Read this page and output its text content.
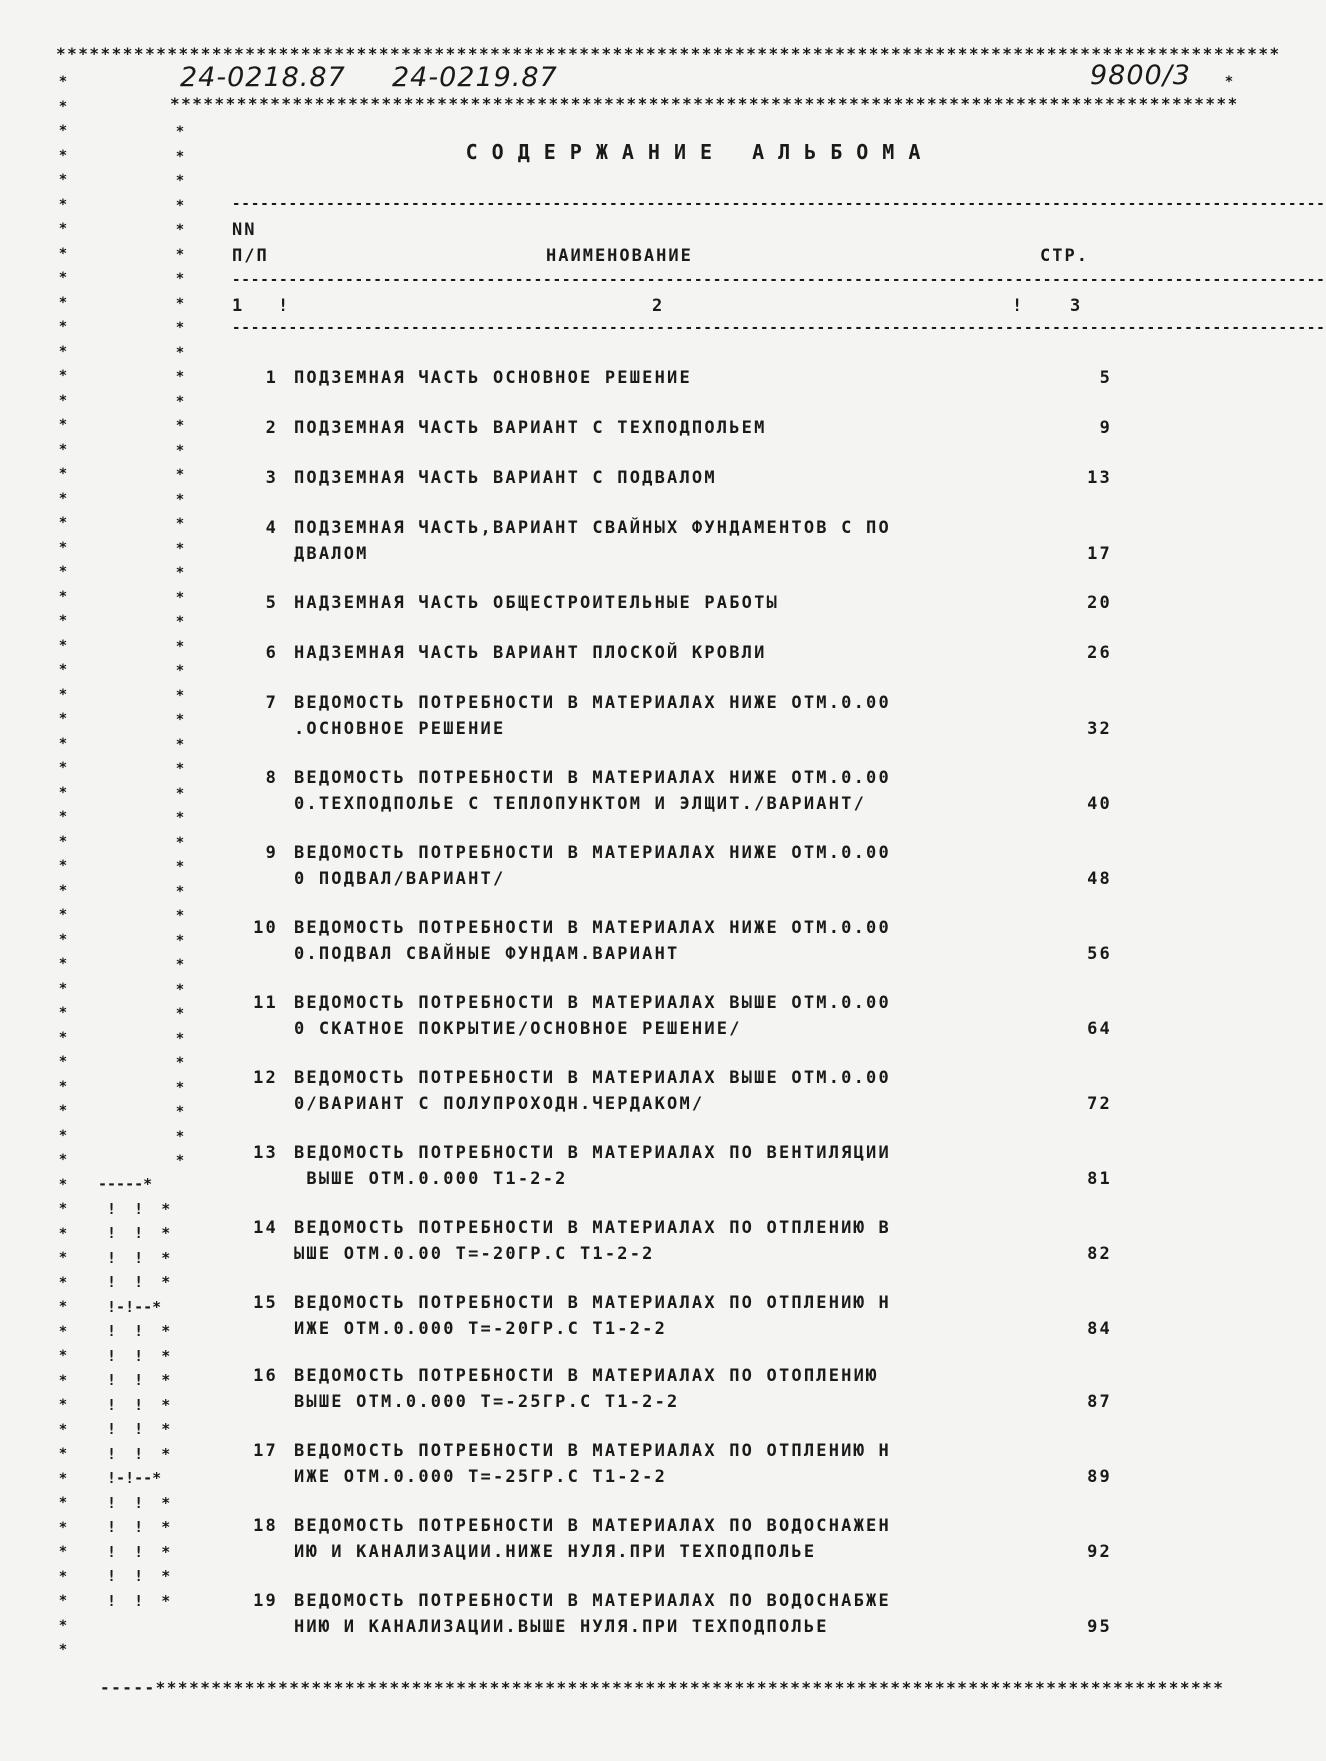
**************************************************************************************************************
************************************************************************************************
-----************************************************************************************************
*
*
*
*
*
*
*
*
*
*
*
*
*
*
*
*
*
*
*
*
*
*
*
*
*
*
*
*
*
*
*
*
*
*
*
*
*
*
*
*
*
*
*
*
*
*
*
*
*
*
*
*
*
*
*
*
*
*
*
*
*
*
*
*
*
*
*
*
*
*
*
*
*
*
*
*
*
*
*
*
*
*
*
*
*
*
*
*
*
*
*
*
*
*
*
*
*
*
*
*
*
*
*
*
*
*
*
*
*
-----*
!  !  *
!  !  *
!  !  *
!  !  *
!-!--*
!  !  *
!  !  *
!  !  *
!  !  *
!  !  *
!  !  *
!-!--*
!  !  *
!  !  *
!  !  *
!  !  *
!  !  *
24-0218.87 24-0219.87	9800/3
СОДЕРЖАНИЕ АЛЬБОМА
--------------------------------------------------------------------------------------------------------------------
NN
П/П	НАИМЕНОВАНИЕ	СТР.
--------------------------------------------------------------------------------------------------------------------
1 !	2	!	3
--------------------------------------------------------------------------------------------------------------------
1 ПОДЗЕМНАЯ ЧАСТЬ ОСНОВНОЕ РЕШЕНИЕ	5
2 ПОДЗЕМНАЯ ЧАСТЬ ВАРИАНТ С ТЕХПОДПОЛЬЕМ	9
3 ПОДЗЕМНАЯ ЧАСТЬ ВАРИАНТ С ПОДВАЛОМ	13
4 ПОДЗЕМНАЯ ЧАСТЬ,ВАРИАНТ СВАЙНЫХ ФУНДАМЕНТОВ С ПО
ДВАЛОМ	17
5 НАДЗЕМНАЯ ЧАСТЬ ОБЩЕСТРОИТЕЛЬНЫЕ РАБОТЫ	20
6 НАДЗЕМНАЯ ЧАСТЬ ВАРИАНТ ПЛОСКОЙ КРОВЛИ	26
7 ВЕДОМОСТЬ ПОТРЕБНОСТИ В МАТЕРИАЛАХ НИЖЕ ОТМ.0.00
.ОСНОВНОЕ РЕШЕНИЕ	32
8 ВЕДОМОСТЬ ПОТРЕБНОСТИ В МАТЕРИАЛАХ НИЖЕ ОТМ.0.00
0.ТЕХПОДПОЛЬЕ С ТЕПЛОПУНКТОМ И ЭЛЩИТ./ВАРИАНТ/	40
9 ВЕДОМОСТЬ ПОТРЕБНОСТИ В МАТЕРИАЛАХ НИЖЕ ОТМ.0.00
0 ПОДВАЛ/ВАРИАНТ/	48
10 ВЕДОМОСТЬ ПОТРЕБНОСТИ В МАТЕРИАЛАХ НИЖЕ ОТМ.0.00
0.ПОДВАЛ СВАЙНЫЕ ФУНДАМ.ВАРИАНТ	56
11 ВЕДОМОСТЬ ПОТРЕБНОСТИ В МАТЕРИАЛАХ ВЫШЕ ОТМ.0.00
0 СКАТНОЕ ПОКРЫТИЕ/ОСНОВНОЕ РЕШЕНИЕ/	64
12 ВЕДОМОСТЬ ПОТРЕБНОСТИ В МАТЕРИАЛАХ ВЫШЕ ОТМ.0.00
0/ВАРИАНТ С ПОЛУПРОХОДН.ЧЕРДАКОМ/	72
13 ВЕДОМОСТЬ ПОТРЕБНОСТИ В МАТЕРИАЛАХ ПО ВЕНТИЛЯЦИИ
ВЫШЕ ОТМ.0.000 Т1-2-2	81
14 ВЕДОМОСТЬ ПОТРЕБНОСТИ В МАТЕРИАЛАХ ПО ОТПЛЕНИЮ В
ЫШЕ ОТМ.0.00 Т=-20ГР.С Т1-2-2	82
15 ВЕДОМОСТЬ ПОТРЕБНОСТИ В МАТЕРИАЛАХ ПО ОТПЛЕНИЮ Н
ИЖЕ ОТМ.0.000 Т=-20ГР.С Т1-2-2	84
16 ВЕДОМОСТЬ ПОТРЕБНОСТИ В МАТЕРИАЛАХ ПО ОТОПЛЕНИЮ
ВЫШЕ ОТМ.0.000 Т=-25ГР.С Т1-2-2	87
17 ВЕДОМОСТЬ ПОТРЕБНОСТИ В МАТЕРИАЛАХ ПО ОТПЛЕНИЮ Н
ИЖЕ ОТМ.0.000 Т=-25ГР.С Т1-2-2	89
18 ВЕДОМОСТЬ ПОТРЕБНОСТИ В МАТЕРИАЛАХ ПО ВОДОСНАЖЕН
ИЮ И КАНАЛИЗАЦИИ.НИЖЕ НУЛЯ.ПРИ ТЕХПОДПОЛЬЕ	92
19 ВЕДОМОСТЬ ПОТРЕБНОСТИ В МАТЕРИАЛАХ ПО ВОДОСНАБЖЕ
НИЮ И КАНАЛИЗАЦИИ.ВЫШЕ НУЛЯ.ПРИ ТЕХПОДПОЛЬЕ	95
